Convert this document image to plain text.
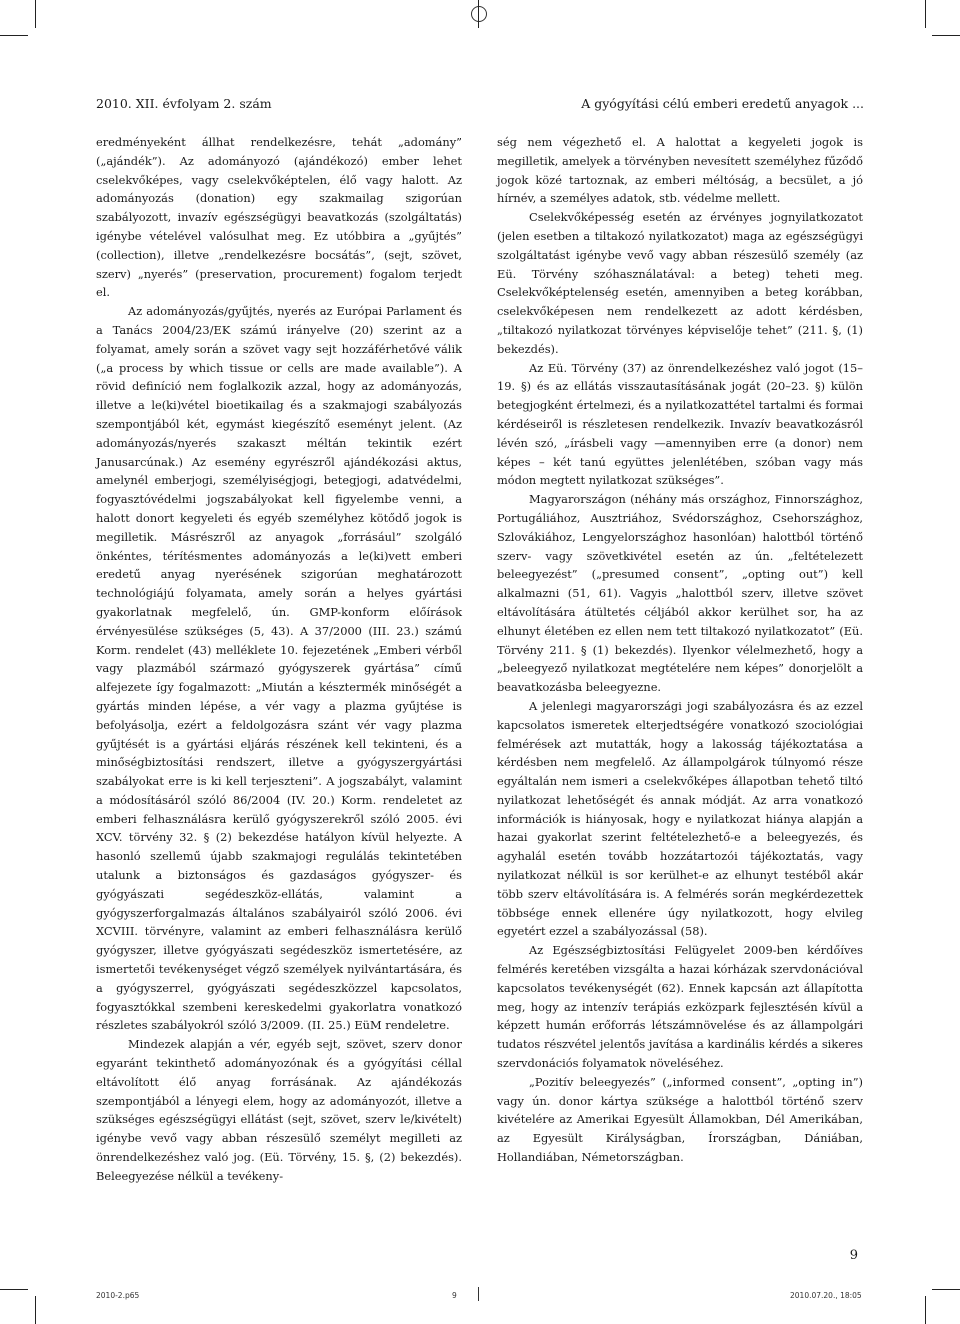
2010. XII. évfolyam 2. szám	A gyógyítási célú emberi eredetű anyagok ...

eredményeként állhat rendelkezésre, tehát „adomány” („ajándék”). Az adományozó (ajándékozó) ember lehet cselekvőképes, vagy cselekvőképtelen, élő vagy halott. Az adományozás (donation) egy szakmailag szigorúan szabályozott, invazív egészségügyi beavatkozás (szolgáltatás) igénybe vételével valósulhat meg. Ez utóbbira a „gyűjtés” (collection), illetve „rendelkezésre bocsátás”, (sejt, szövet, szerv) „nyerés” (preservation, procurement) fogalom terjedt el.

Az adományozás/gyűjtés, nyerés az Európai Parlament és a Tanács 2004/23/EK számú irányelve (20) szerint az a folyamat, amely során a szövet vagy sejt hozzáférhetővé válik („a process by which tissue or cells are made available”). A rövid definíció nem foglalkozik azzal, hogy az adományozás, illetve a le(ki)vétel bioetikailag és a szakmajogi szabályozás szempontjából két, egymást kiegészítő eseményt jelent. (Az adományozás/nyerés szakaszt méltán tekintik ezért Janusarcúnak.) Az esemény egyrészről ajándékozási aktus, amelynél emberjogi, személyiségjogi, betegjogi, adatvédelmi, fogyasztóvédelmi jogszabályokat kell figyelembe venni, a halott donort kegyeleti és egyéb személyhez kötődő jogok is megilletik. Másrészről az anyagok „forrásául” szolgáló önkéntes, térítésmentes adományozás a le(ki)vett emberi eredetű anyag nyerésének szigorúan meghatározott technológiájú folyamata, amely során a helyes gyártási gyakorlatnak megfelelő, ún. GMP-konform előírások érvényesülése szükséges (5, 43). A 37/2000 (III. 23.) számú Korm. rendelet (43) melléklete 10. fejezetének „Emberi vérből vagy plazmából származó gyógyszerek gyártása” című alfejezete így fogalmazott: „Miután a késztermék minőségét a gyártás minden lépése, a vér vagy a plazma gyűjtése is befolyásolja, ezért a feldolgozásra szánt vér vagy plazma gyűjtését is a gyártási eljárás részének kell tekinteni, és a minőségbiztosítási rendszert, illetve a gyógyszergyártási szabályokat erre is ki kell terjeszteni”. A jogszabályt, valamint a módosításáról szóló 86/2004 (IV. 20.) Korm. rendeletet az emberi felhasználásra kerülő gyógyszerekről szóló 2005. évi XCV. törvény 32. § (2) bekezdése hatályon kívül helyezte. A hasonló szellemű újabb szakmajogi regulálás tekintetében utalunk a biztonságos és gazdaságos gyógyszer- és gyógyászati segédeszköz-ellátás, valamint a gyógyszerforgalmazás általános szabályairól szóló 2006. évi XCVIII. törvényre, valamint az emberi felhasználásra kerülő gyógyszer, illetve gyógyászati segédeszköz ismertetésére, az ismertetői tevékenységet végző személyek nyilvántartására, és a gyógyszerrel, gyógyászati segédeszközzel kapcsolatos, fogyasztókkal szembeni kereskedelmi gyakorlatra vonatkozó részletes szabályokról szóló 3/2009. (II. 25.) EüM rendeletre.

Mindezek alapján a vér, egyéb sejt, szövet, szerv donor egyaránt tekinthető adományozónak és a gyógyítási céllal eltávolított élő anyag forrásának. Az ajándékozás szempontjából a lényegi elem, hogy az adományozót, illetve a szükséges egészségügyi ellátást (sejt, szövet, szerv le/kivételt) igénybe vevő vagy abban részesülő személyt megilleti az önrendelkezéshez való jog. (Eü. Törvény, 15. §, (2) bekezdés). Beleegyezése nélkül a tevékeny-

ség nem végezhető el. A halottat a kegyeleti jogok is megilletik, amelyek a törvényben nevesített személyhez fűződő jogok közé tartoznak, az emberi méltóság, a becsület, a jó hírnév, a személyes adatok, stb. védelme mellett.

Cselekvőképesség esetén az érvényes jognyilatkozatot (jelen esetben a tiltakozó nyilatkozatot) maga az egészségügyi szolgáltatást igénybe vevő vagy abban részesülő személy (az Eü. Törvény szóhasználatával: a beteg) teheti meg. Cselekvőképtelenség esetén, amennyiben a beteg korábban, cselekvőképesen nem rendelkezett az adott kérdésben, „tiltakozó nyilatkozat törvényes képviselője tehet” (211. §, (1) bekezdés).

Az Eü. Törvény (37) az önrendelkezéshez való jogot (15–19. §) és az ellátás visszautasításának jogát (20–23. §) külön betegjogként értelmezi, és a nyilatkozattétel tartalmi és formai kérdéseiről is részletesen rendelkezik. Invazív beavatkozásról lévén szó, „írásbeli vagy —amennyiben erre (a donor) nem képes – két tanú együttes jelenlétében, szóban vagy más módon megtett nyilatkozat szükséges”.

Magyarországon (néhány más országhoz, Finnországhoz, Portugáliához, Ausztriához, Svédországhoz, Csehországhoz, Szlovákiához, Lengyelországhoz hasonlóan) halottból történő szerv- vagy szövetkivétel esetén az ún. „feltételezett beleegyezést” („presumed consent”, „opting out”) kell alkalmazni (51, 61). Vagyis „halottból szerv, illetve szövet eltávolítására átültetés céljából akkor kerülhet sor, ha az elhunyt életében ez ellen nem tett tiltakozó nyilatkozatot” (Eü. Törvény 211. § (1) bekezdés). Ilyenkor vélelmezhető, hogy a „beleegyező nyilatkozat megtételére nem képes” donorjelölt a beavatkozásba beleegyezne.

A jelenlegi magyarországi jogi szabályozásra és az ezzel kapcsolatos ismeretek elterjedtségére vonatkozó szociológiai felmérések azt mutatták, hogy a lakosság tájékoztatása a kérdésben nem megfelelő. Az állampolgárok túlnyomó része egyáltalán nem ismeri a cselekvőképes állapotban tehető tiltó nyilatkozat lehetőségét és annak módját. Az arra vonatkozó információk is hiányosak, hogy e nyilatkozat hiánya alapján a hazai gyakorlat szerint feltételezhető-e a beleegyezés, és agyhalál esetén tovább hozzátartozói tájékoztatás, vagy nyilatkozat nélkül is sor kerülhet-e az elhunyt testéből akár több szerv eltávolítására is. A felmérés során megkérdezettek többsége ennek ellenére úgy nyilatkozott, hogy elvileg egyetért ezzel a szabályozással (58).

Az Egészségbiztosítási Felügyelet 2009-ben kérdőíves felmérés keretében vizsgálta a hazai kórházak szervdonációval kapcsolatos tevékenységét (62). Ennek kapcsán azt állapította meg, hogy az intenzív terápiás ezközpark fejlesztésén kívül a képzett humán erőforrás létszámnövelése és az állampolgári tudatos részvétel jelentős javítása a kardinális kérdés a sikeres szervdonációs folyamatok növeléséhez.

„Pozitív beleegyezés” („informed consent”, „opting in”) vagy ún. donor kártya szüksége a halottból történő szerv kivételére az Amerikai Egyesült Államokban, Dél Amerikában, az Egyesült Királyságban, Írországban, Dániában, Hollandiában, Németországban.

9
2010-2.p65	9	2010.07.20., 18:05
